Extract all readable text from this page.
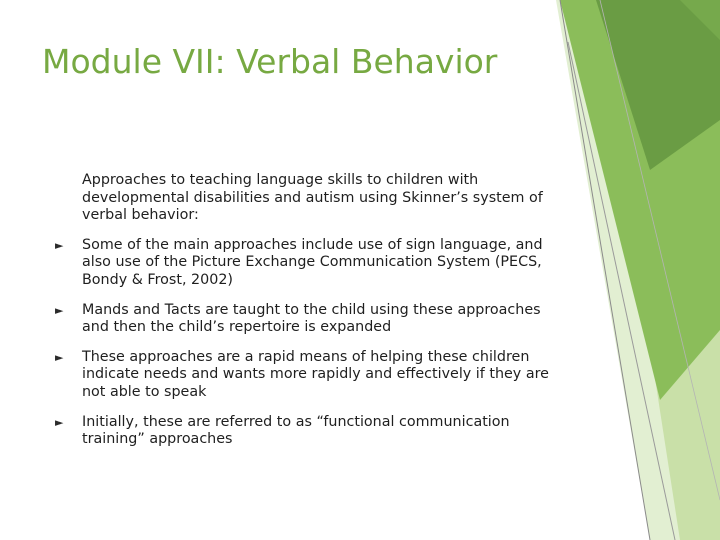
Module VII: Verbal Behavior

Approaches to teaching language skills to children with developmental disabilities and autism using Skinner’s system of verbal behavior:

► Some of the main approaches include use of sign language, and also use of the Picture Exchange Communication System (PECS, Bondy & Frost, 2002)
► Mands and Tacts are taught to the child using these approaches and then the child’s repertoire is expanded
► These approaches are a rapid means of helping these children indicate needs and wants more rapidly and effectively if they are not able to speak
► Initially, these are referred to as “functional communication training” approaches
